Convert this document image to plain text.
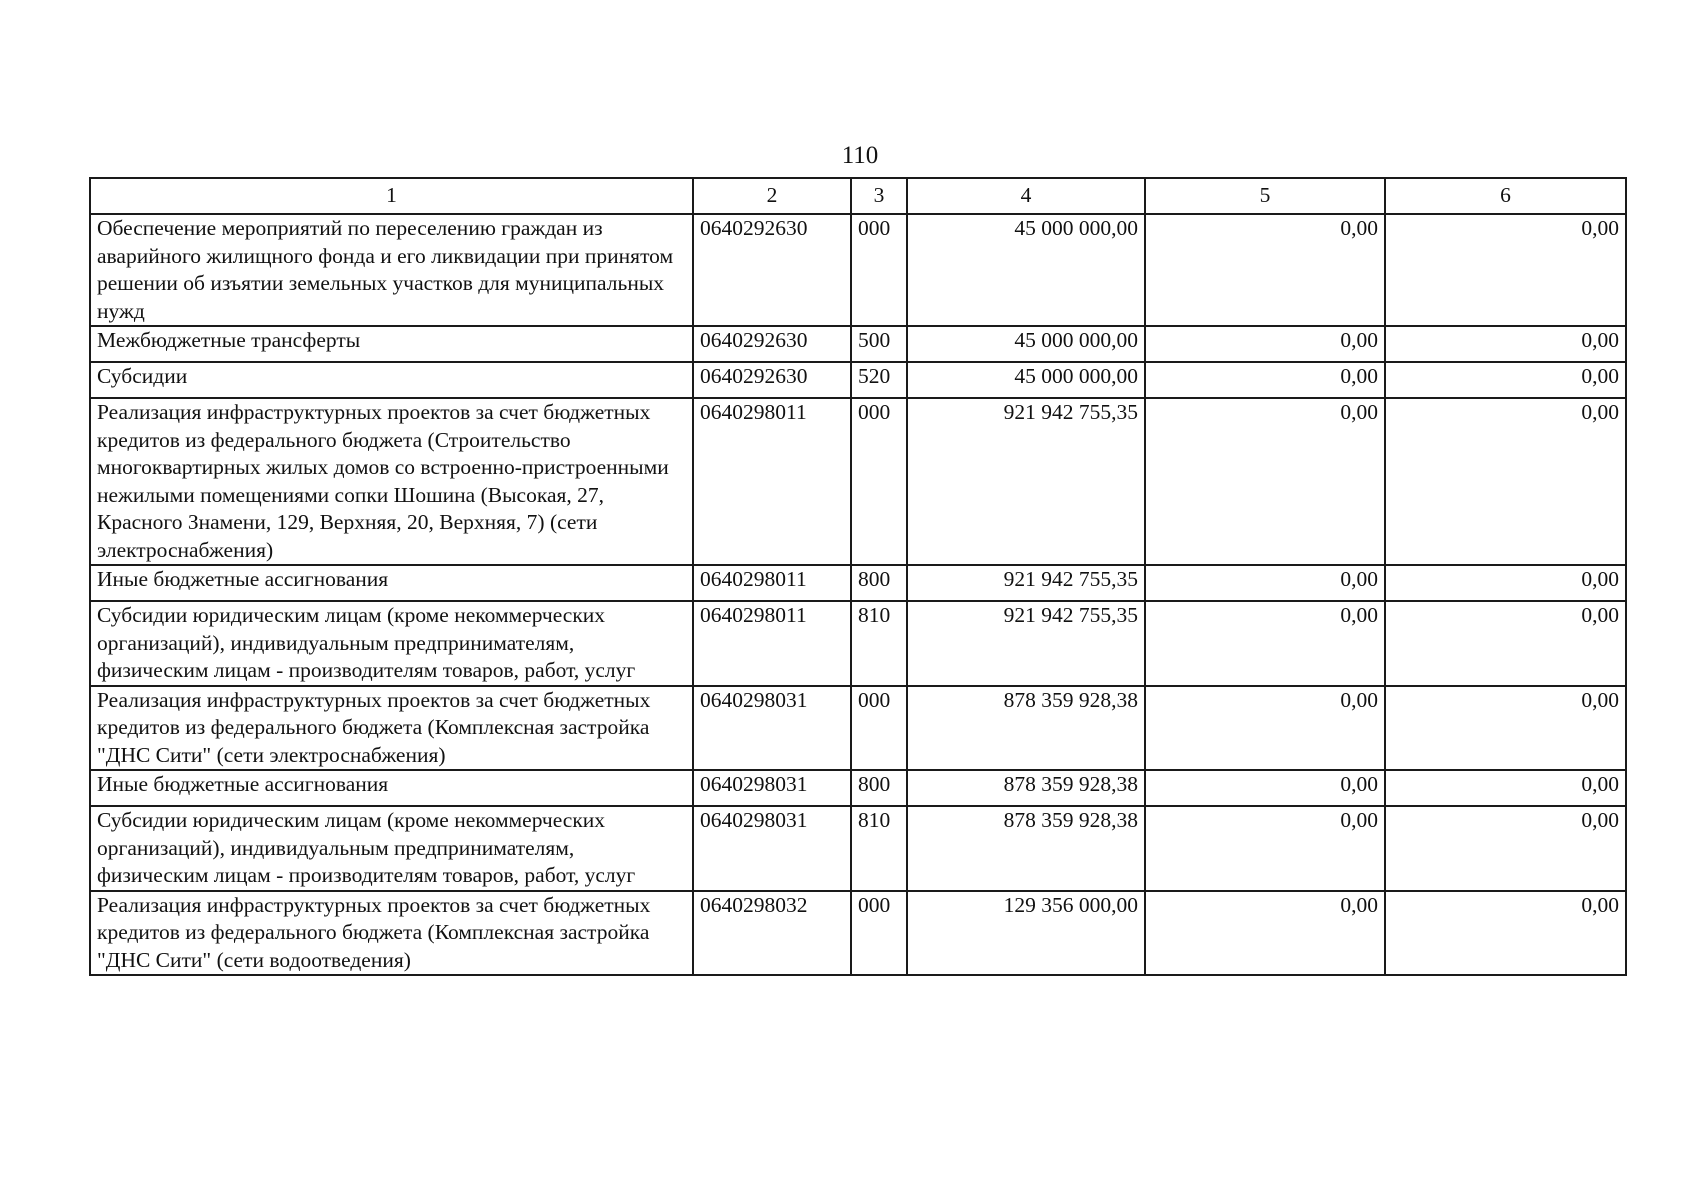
110
1	2	3	4	5	6
Обеспечение мероприятий по переселению граждан из аварийного жилищного фонда и его ликвидации при принятом решении об изъятии земельных участков для муниципальных нужд	0640292630	000	45 000 000,00	0,00	0,00
Межбюджетные трансферты	0640292630	500	45 000 000,00	0,00	0,00
Субсидии	0640292630	520	45 000 000,00	0,00	0,00
Реализация инфраструктурных проектов за счет бюджетных кредитов из федерального бюджета (Строительство многоквартирных жилых домов со встроенно-пристроенными нежилыми помещениями сопки Шошина (Высокая, 27, Красного Знамени, 129, Верхняя, 20, Верхняя, 7) (сети электроснабжения)	0640298011	000	921 942 755,35	0,00	0,00
Иные бюджетные ассигнования	0640298011	800	921 942 755,35	0,00	0,00
Субсидии юридическим лицам (кроме некоммерческих организаций), индивидуальным предпринимателям, физическим лицам - производителям товаров, работ, услуг	0640298011	810	921 942 755,35	0,00	0,00
Реализация инфраструктурных проектов за счет бюджетных кредитов из федерального бюджета (Комплексная застройка "ДНС Сити" (сети электроснабжения)	0640298031	000	878 359 928,38	0,00	0,00
Иные бюджетные ассигнования	0640298031	800	878 359 928,38	0,00	0,00
Субсидии юридическим лицам (кроме некоммерческих организаций), индивидуальным предпринимателям, физическим лицам - производителям товаров, работ, услуг	0640298031	810	878 359 928,38	0,00	0,00
Реализация инфраструктурных проектов за счет бюджетных кредитов из федерального бюджета (Комплексная застройка "ДНС Сити" (сети водоотведения)	0640298032	000	129 356 000,00	0,00	0,00
